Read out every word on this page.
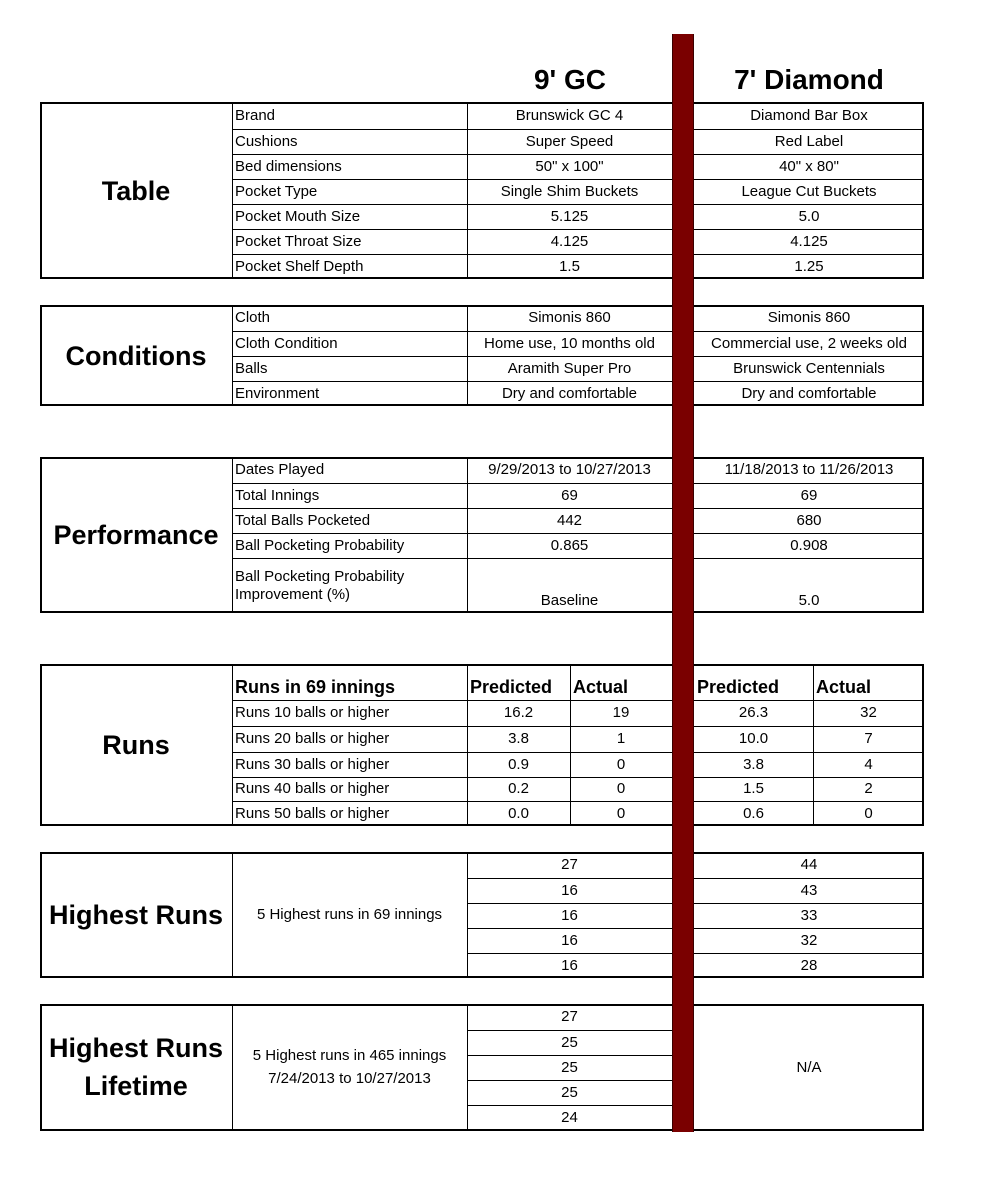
9' GC	7' Diamond
Table
Brand	Brunswick GC 4	Diamond Bar Box
Cushions	Super Speed	Red Label
Bed dimensions	50" x 100"	40" x 80"
Pocket Type	Single Shim Buckets	League Cut Buckets
Pocket Mouth Size	5.125	5.0
Pocket Throat Size	4.125	4.125
Pocket Shelf Depth	1.5	1.25
Conditions
Cloth	Simonis 860	Simonis 860
Cloth Condition	Home use, 10 months old	Commercial use, 2 weeks old
Balls	Aramith Super Pro	Brunswick Centennials
Environment	Dry and comfortable	Dry and comfortable
Performance
Dates Played	9/29/2013 to 10/27/2013	11/18/2013 to 11/26/2013
Total Innings	69	69
Total Balls Pocketed	442	680
Ball Pocketing Probability	0.865	0.908
Ball Pocketing Probability Improvement (%)	Baseline	5.0
Runs
Runs in 69 innings	Predicted	Actual	Predicted	Actual
Runs 10 balls or higher	16.2	19	26.3	32
Runs 20 balls or higher	3.8	1	10.0	7
Runs 30 balls or higher	0.9	0	3.8	4
Runs 40 balls or higher	0.2	0	1.5	2
Runs 50 balls or higher	0.0	0	0.6	0
Highest Runs	5 Highest runs in 69 innings
27	44
16	43
16	33
16	32
16	28
Highest Runs
Lifetime
5 Highest runs in 465 innings
7/24/2013 to 10/27/2013
27
25
25
25
24
N/A
